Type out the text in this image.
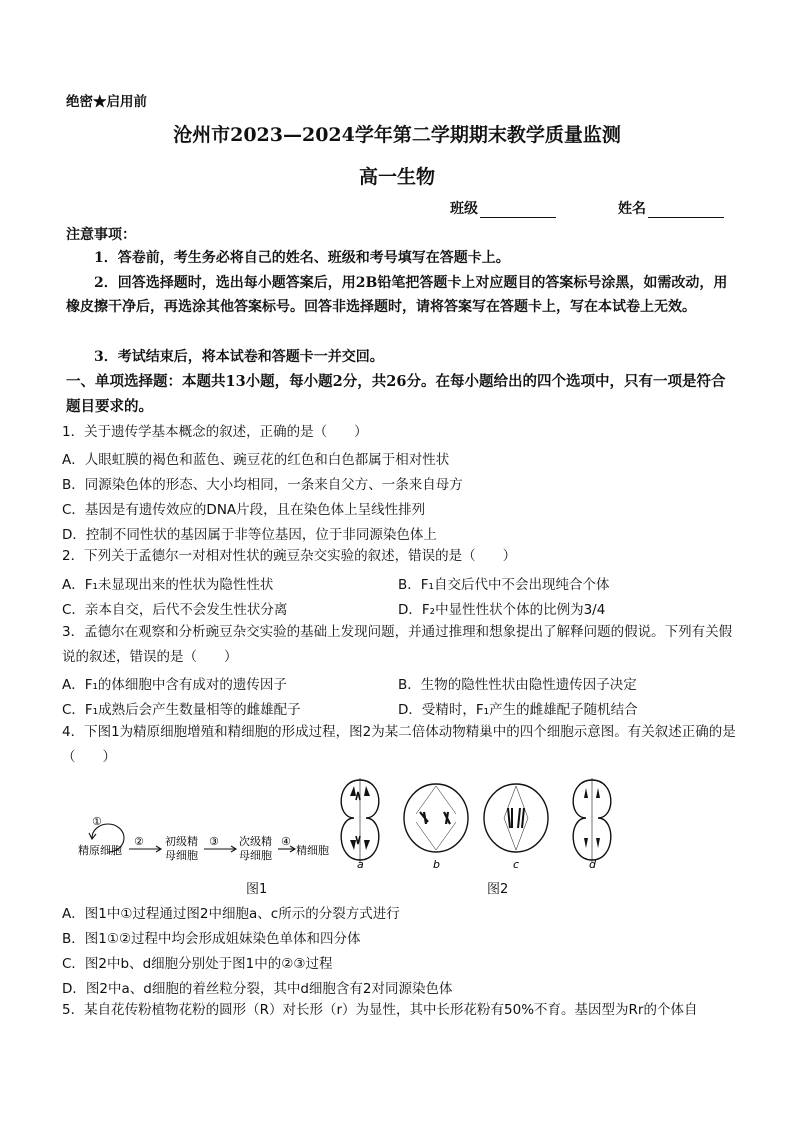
绝密★启用前
沧州市2023—2024学年第二学期期末教学质量监测
高一生物
班级	姓名
注意事项：
1．答卷前，考生务必将自己的姓名、班级和考号填写在答题卡上。
2．回答选择题时，选出每小题答案后，用2B铅笔把答题卡上对应题目的答案标号涂黑，如需改动，用橡皮擦干净后，再选涂其他答案标号。回答非选择题时，请将答案写在答题卡上，写在本试卷上无效。
3．考试结束后，将本试卷和答题卡一并交回。
一、单项选择题：本题共13小题，每小题2分，共26分。在每小题给出的四个选项中，只有一项是符合题目要求的。
1．关于遗传学基本概念的叙述，正确的是（　　）
A．人眼虹膜的褐色和蓝色、豌豆花的红色和白色都属于相对性状
B．同源染色体的形态、大小均相同，一条来自父方、一条来自母方
C．基因是有遗传效应的DNA片段，且在染色体上呈线性排列
D．控制不同性状的基因属于非等位基因，位于非同源染色体上
2．下列关于孟德尔一对相对性状的豌豆杂交实验的叙述，错误的是（　　）
A．F₁未显现出来的性状为隐性性状	B．F₁自交后代中不会出现纯合个体
C．亲本自交，后代不会发生性状分离	D．F₂中显性性状个体的比例为3/4
3．孟德尔在观察和分析豌豆杂交实验的基础上发现问题，并通过推理和想象提出了解释问题的假说。下列有关假说的叙述，错误的是（　　）
A．F₁的体细胞中含有成对的遗传因子	B．生物的隐性性状由隐性遗传因子决定
C．F₁成熟后会产生数量相等的雌雄配子	D．受精时，F₁产生的雌雄配子随机结合
4．下图1为精原细胞增殖和精细胞的形成过程，图2为某二倍体动物精巢中的四个细胞示意图。有关叙述正确的是（　　）
①
精原细胞
② 初级精
母细胞
③ 次级精
母细胞
④
精细胞
图1
a	b	c	d
图2
A．图1中①过程通过图2中细胞a、c所示的分裂方式进行
B．图1①②过程中均会形成姐妹染色单体和四分体
C．图2中b、d细胞分别处于图1中的②③过程
D．图2中a、d细胞的着丝粒分裂，其中d细胞含有2对同源染色体
5．某自花传粉植物花粉的圆形（R）对长形（r）为显性，其中长形花粉有50%不育。基因型为Rr的个体自
